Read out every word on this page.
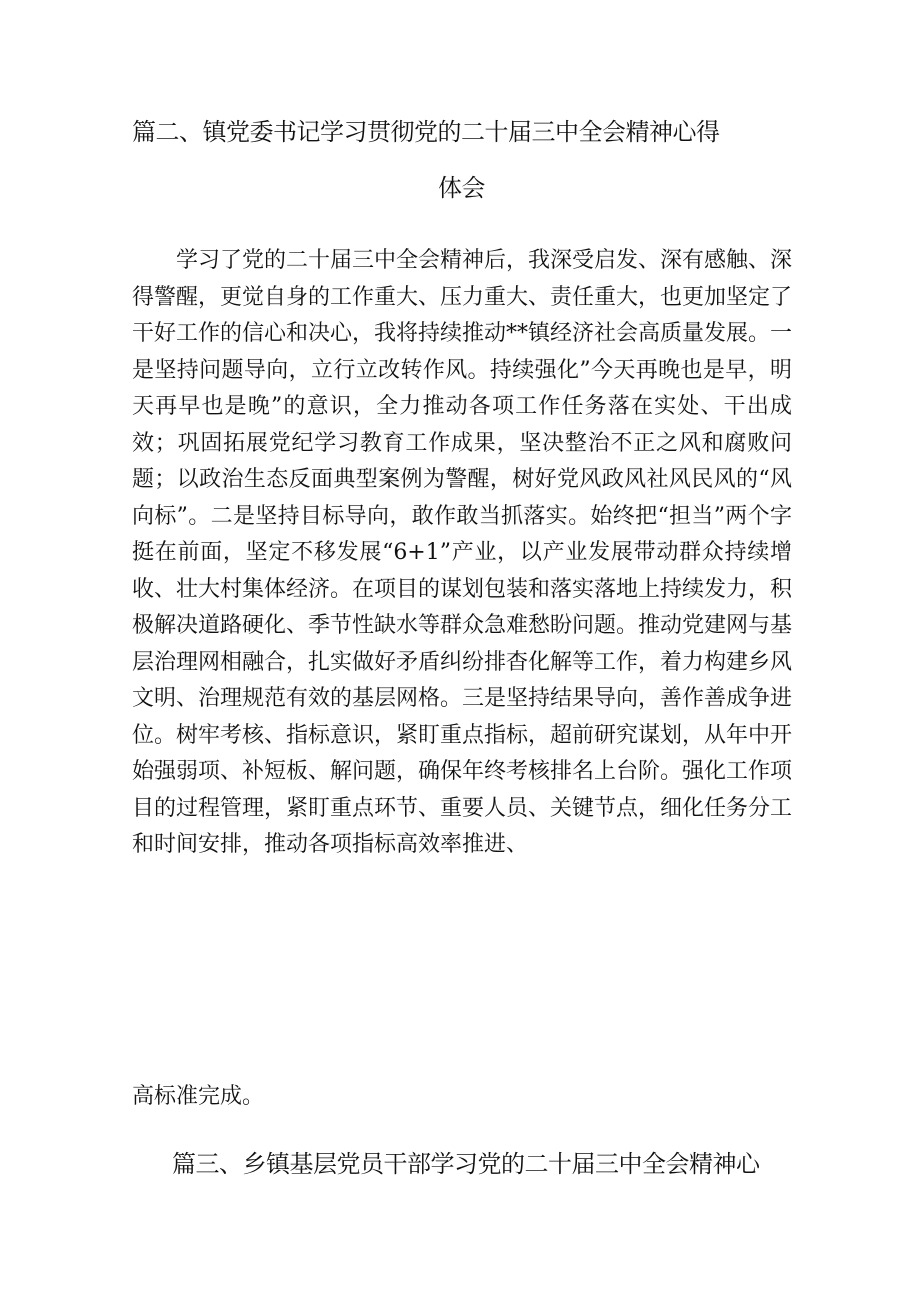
篇二、镇党委书记学习贯彻党的二十届三中全会精神心得
体会

学习了党的二十届三中全会精神后，我深受启发、深有感触、深得警醒，更觉自身的工作重大、压力重大、责任重大，也更加坚定了干好工作的信心和决心，我将持续推动**镇经济社会高质量发展。一是坚持问题导向，立行立改转作风。持续强化”今天再晚也是早，明天再早也是晚”的意识，全力推动各项工作任务落在实处、干出成效；巩固拓展党纪学习教育工作成果，坚决整治不正之风和腐败问题；以政治生态反面典型案例为警醒，树好党风政风社风民风的“风向标”。二是坚持目标导向，敢作敢当抓落实。始终把“担当”两个字挺在前面，坚定不移发展“6+1”产业，以产业发展带动群众持续增收、壮大村集体经济。在项目的谋划包装和落实落地上持续发力，积极解决道路硬化、季节性缺水等群众急难愁盼问题。推动党建网与基层治理网相融合，扎实做好矛盾纠纷排杳化解等工作，着力构建乡风文明、治理规范有效的基层网格。三是坚持结果导向，善作善成争进位。树牢考核、指标意识，紧盯重点指标，超前研究谋划，从年中开始强弱项、补短板、解问题，确保年终考核排名上台阶。强化工作项目的过程管理，紧盯重点环节、重要人员、关键节点，细化任务分工和时间安排，推动各项指标高效率推进、

高标准完成。

篇三、乡镇基层党员干部学习党的二十届三中全会精神心
